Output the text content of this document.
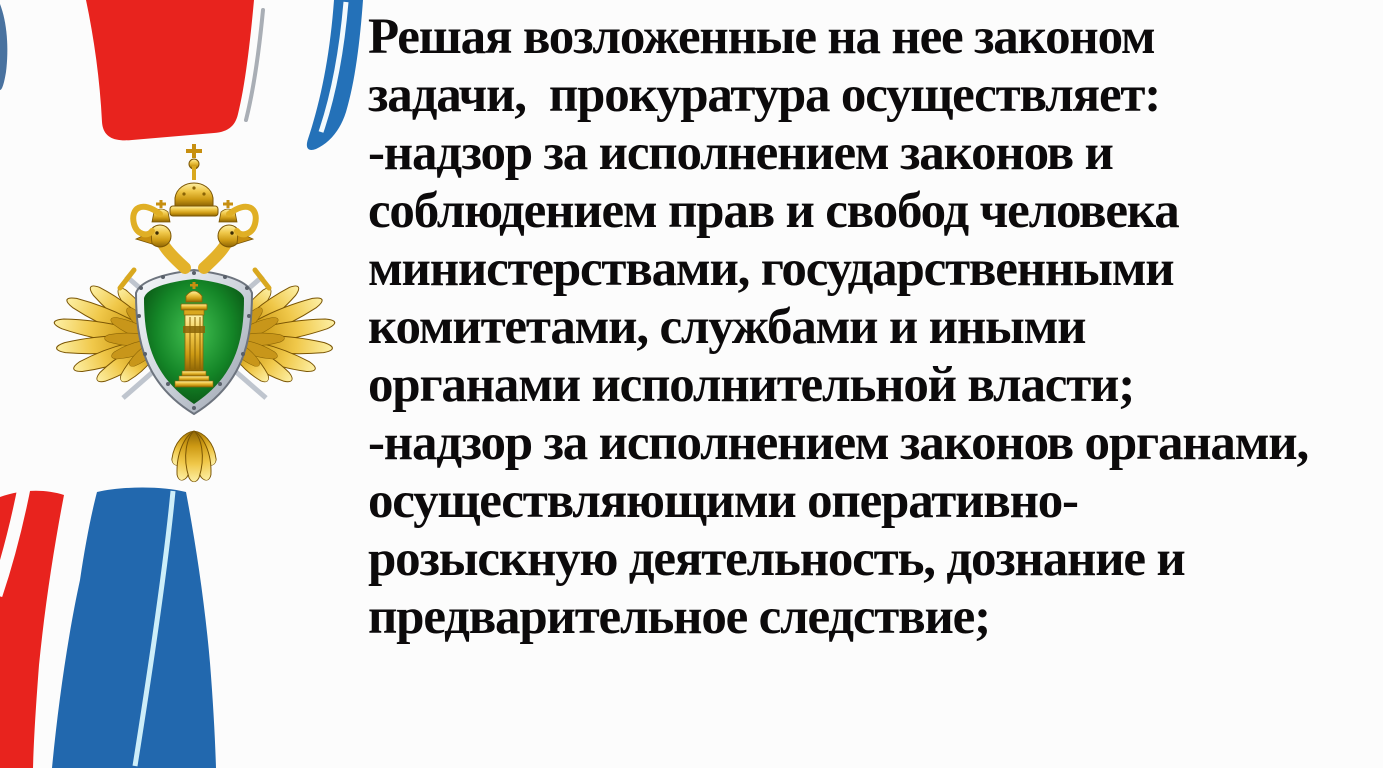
Решая возложенные на нее законом
задачи,  прокуратура осуществляет:
-надзор за исполнением законов и
соблюдением прав и свобод человека
министерствами, государственными
комитетами, службами и иными
органами исполнительной власти;
-надзор за исполнением законов органами,
осуществляющими оперативно-
розыскную деятельность, дознание и
предварительное следствие;
